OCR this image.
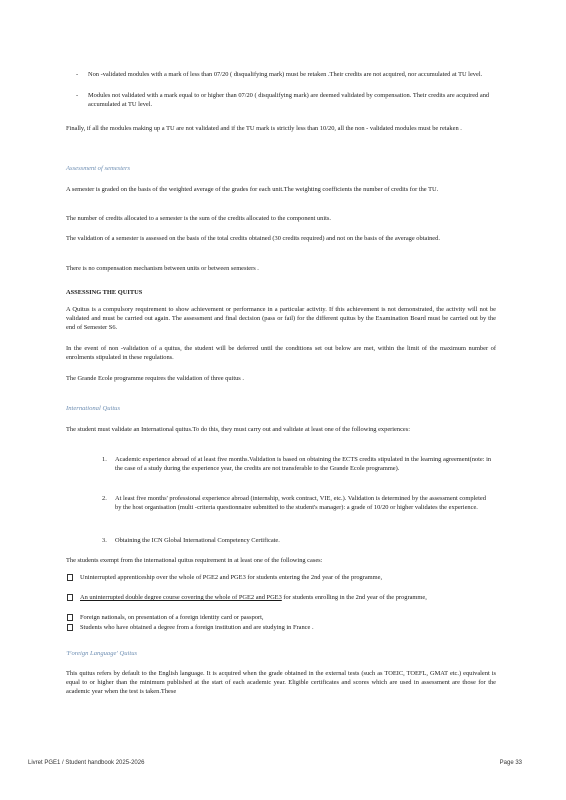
- Non -validated modules with a mark of less than 07/20 ( disqualifying mark) must be retaken .Their credits are not acquired, nor accumulated at TU level.
- Modules not validated with a mark equal to or higher than 07/20 ( disqualifying mark) are deemed validated by compensation. Their credits are acquired and accumulated at TU level.
Finally, if all the modules making up a TU are not validated and if the TU mark is strictly less than 10/20, all the non - validated modules must be retaken .
Assessment of semesters
A semester is graded on the basis of the weighted average of the grades for each unit.The weighting coefficients the number of credits for the TU.
The number of credits allocated to a semester is the sum of the credits allocated to the component units.
The validation of a semester is assessed on the basis of the total credits obtained (30 credits required) and not on the basis of the average obtained.
There is no compensation mechanism between units or between semesters .
ASSESSING THE QUITUS
A Quitus is a compulsory requirement to show achievement or performance in a particular activity. If this achievement is not demonstrated, the activity will not be validated and must be carried out again. The assessment and final decision (pass or fail) for the different quitus by the Examination Board must be carried out by the end of Semester S6.
In the event of non -validation of a quitus, the student will be deferred until the conditions set out below are met, within the limit of the maximum number of enrolments stipulated in these regulations.
The Grande Ecole programme requires the validation of three quitus .
International Quitus
The student must validate an International quitus.To do this, they must carry out and validate at least one of the following experiences:
1. Academic experience abroad of at least five months.Validation is based on obtaining the ECTS credits stipulated in the learning agreement(note: in the case of a study during the experience year, the credits are not transferable to the Grande Ecole programme).
2. At least five months' professional experience abroad (internship, work contract, VIE, etc.). Validation is determined by the assessment completed by the host organisation (multi -criteria questionnaire submitted to the student's manager): a grade of 10/20 or higher validates the experience.
3. Obtaining the ICN Global International Competency Certificate.
The students exempt from the international quitus requirement in at least one of the following cases:
Uninterrupted apprenticeship over the whole of PGE2 and PGE3 for students entering the 2nd year of the programme,
An uninterrupted double degree course covering the whole of PGE2 and PGE3 for students enrolling in the 2nd year of the programme,
Foreign nationals, on presentation of a foreign identity card or passport,
Students who have obtained a degree from a foreign institution and are studying in France .
'Foreign Language' Quitus
This quitus refers by default to the English language. It is acquired when the grade obtained in the external tests (such as TOEIC, TOEFL, GMAT etc.) equivalent is equal to or higher than the minimum published at the start of each academic year. Eligible certificates and scores which are used in assessment are those for the academic year when the test is taken.These
Livret PGE1 / Student handbook 2025-2026	Page 33
